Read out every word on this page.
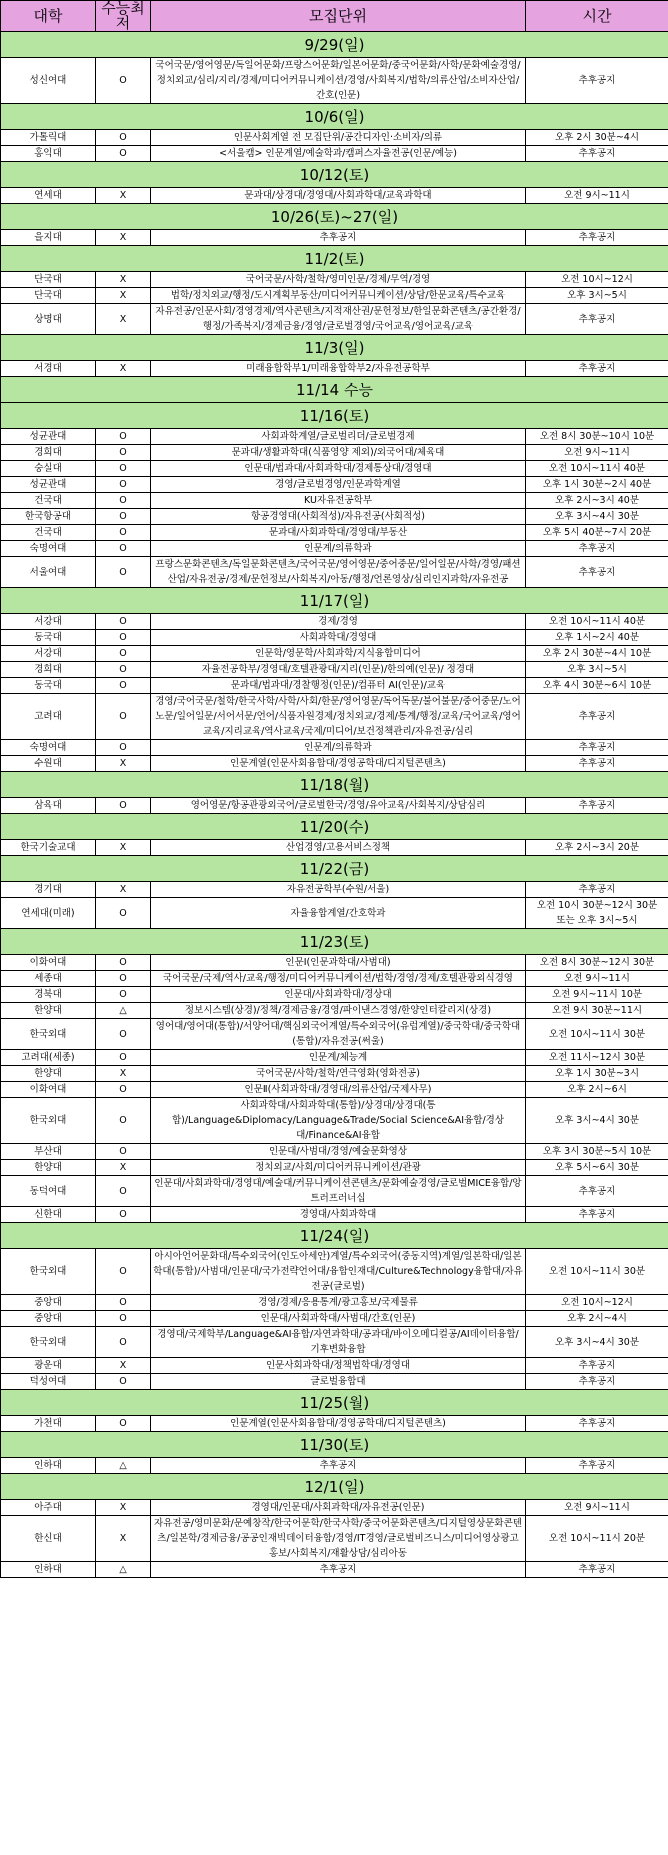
대학	수능최저	모집단위	시간
9/29(일)			
성신여대	O	국어국문/영어영문/독일어문화/프랑스어문화/일본어문화/중국어문화/사학/문화예술경영/정치외교/심리/지리/경제/미디어커뮤니케이션/경영/사회복지/법학/의류산업/소비자산업/간호(인문)	추후공지
10/6(일)			
가톨릭대	O	인문사회계열 전 모집단위/공간디자인·소비자/의류	오후 2시 30분~4시
홍익대	O	<서울캠> 인문계열/예술학과/캠퍼스자율전공(인문/예능)	추후공지
10/12(토)			
연세대	X	문과대/상경대/경영대/사회과학대/교육과학대	오전 9시~11시
10/26(토)~27(일)			
을지대	X	추후공지	추후공지
11/2(토)			
단국대	X	국어국문/사학/철학/영미인문/경제/무역/경영	오전 10시~12시
단국대	X	법학/정치외교/행정/도시계획부동산/미디어커뮤니케이션/상담/한문교육/특수교육	오후 3시~5시
상명대	X	자유전공/인문사회/경영경제/역사콘텐츠/지적재산권/문헌정보/한일문화콘텐츠/공간환경/행정/가족복지/경제금융/경영/글로벌경영/국어교육/영어교육/교육	추후공지
11/3(일)			
서경대	X	미래융합학부1/미래융합학부2/자유전공학부	추후공지
11/14 수능			
11/16(토)			
성균관대	O	사회과학계열/글로벌리더/글로벌경제	오전 8시 30분~10시 10분
경희대	O	문과대/생활과학대(식품영양 제외)/외국어대/체육대	오전 9시~11시
숭실대	O	인문대/법과대/사회과학대/경제통상대/경영대	오전 10시~11시 40분
성균관대	O	경영/글로벌경영/인문과학계열	오후 1시 30분~2시 40분
건국대	O	KU자유전공학부	오후 2시~3시 40분
한국항공대	O	항공경영대(사회적성)/자유전공(사회적성)	오후 3시~4시 30분
건국대	O	문과대/사회과학대/경영대/부동산	오후 5시 40분~7시 20분
숙명여대	O	인문계/의류학과	추후공지
서울여대	O	프랑스문화콘텐츠/독일문화콘텐츠/국어국문/영어영문/중어중문/일어일문/사학/경영/패션산업/자유전공/경제/문헌정보/사회복지/아동/행정/언론영상/심리인지과학/자유전공	추후공지
11/17(일)			
서강대	O	경제/경영	오전 10시~11시 40분
동국대	O	사회과학대/경영대	오후 1시~2시 40분
서강대	O	인문학/영문학/사회과학/지식융합미디어	오후 2시 30분~4시 10분
경희대	O	자율전공학부/경영대/호텔관광대/지리(인문)/한의예(인문)/ 정경대	오후 3시~5시
동국대	O	문과대/법과대/경찰행정(인문)/컴퓨터 AI(인문)/교육	오후 4시 30분~6시 10분
고려대	O	경영/국어국문/철학/한국사학/사학/사회/한문/영어영문/독어독문/불어불문/중어중문/노어노문/일어일문/서어서문/언어/식품자원경제/정치외교/경제/통계/행정/교육/국어교육/영어교육/지리교육/역사교육/국제/미디어/보건정책관리/자유전공/심리	추후공지
숙명여대	O	인문계/의류학과	추후공지
수원대	X	인문계열(인문사회융합대/경영공학대/디지털콘텐츠)	추후공지
11/18(월)			
삼육대	O	영어영문/항공관광외국어/글로벌한국/경영/유아교육/사회복지/상담심리	추후공지
11/20(수)			
한국기술교대	X	산업경영/고용서비스정책	오후 2시~3시 20분
11/22(금)			
경기대	X	자유전공학부(수원/서울)	추후공지
연세대(미래)	O	자율융합계열/간호학과	오전 10시 30분~12시 30분
또는 오후 3시~5시
11/23(토)			
이화여대	O	인문Ⅰ(인문과학대/사범대)	오전 8시 30분~12시 30분
세종대	O	국어국문/국제/역사/교육/행정/미디어커뮤니케이션/법학/경영/경제/호텔관광외식경영	오전 9시~11시
경북대	O	인문대/사회과학대/경상대	오전 9시~11시 10분
한양대	△	정보시스템(상경)/정책/경제금융/경영/파이낸스경영/한양인터칼리지(상경)	오전 9시 30분~11시
한국외대	O	영어대/영어대(통합)/서양어대/핵심외국어계열/특수외국어(유럽계열)/중국학대/중국학대(통합)/자유전공(써울)	오전 10시~11시 30분
고려대(세종)	O	인문계/체능계	오전 11시~12시 30분
한양대	X	국어국문/사학/철학/연극영화(영화전공)	오후 1시 30분~3시
이화여대	O	인문Ⅱ(사회과학대/경영대/의류산업/국제사무)	오후 2시~6시
한국외대	O	사회과학대/사회과학대(통합)/상경대/상경대(통합)/Language&Diplomacy/Language&Trade/Social Science&AI융합/경상대/Finance&AI융합	오후 3시~4시 30분
부산대	O	인문대/사범대/경영/예술문화영상	오후 3시 30분~5시 10분
한양대	X	정치외교/사회/미디어커뮤니케이션/관광	오후 5시~6시 30분
동덕여대	O	인문대/사회과학대/경영대/예술대/커뮤니케이션콘텐츠/문화예술경영/글로벌MICE융합/앙트러프러너십	추후공지
신한대	O	경영대/사회과학대	추후공지
11/24(일)			
한국외대	O	아시아언어문화대/특수외국어(인도아세안)계열/특수외국어(중동지역)계열/일본학대/일본학대(통합)/사범대/인문대/국가전략언어대/융합인재대/Culture&Technology융합대/자유전공(글로벌)	오전 10시~11시 30분
중앙대	O	경영/경제/응용통계/광고홍보/국제물류	오전 10시~12시
중앙대	O	인문대/사회과학대/사범대/간호(인문)	오후 2시~4시
한국외대	O	경영대/국제학부/Language&AI융합/자연과학대/공과대/바이오메디컬공/AI데이터융합/기후변화융합	오후 3시~4시 30분
광운대	X	인문사회과학대/정책법학대/경영대	추후공지
덕성여대	O	글로벌융합대	추후공지
11/25(월)			
가천대	O	인문계열(인문사회융합대/경영공학대/디지털콘텐츠)	추후공지
11/30(토)			
인하대	△	추후공지	추후공지
12/1(일)			
아주대	X	경영대/인문대/사회과학대/자유전공(인문)	오전 9시~11시
한신대	X	자유전공/영미문화/문예창작/한국어문학/한국사학/중국어문화콘텐츠/디지털영상문화콘텐츠/일본학/경제금융/공공인재빅데이터융합/경영/IT경영/글로벌비즈니스/미디어영상광고홍보/사회복지/재활상담/심리아동	오전 10시~11시 20분
인하대	△	추후공지	추후공지
